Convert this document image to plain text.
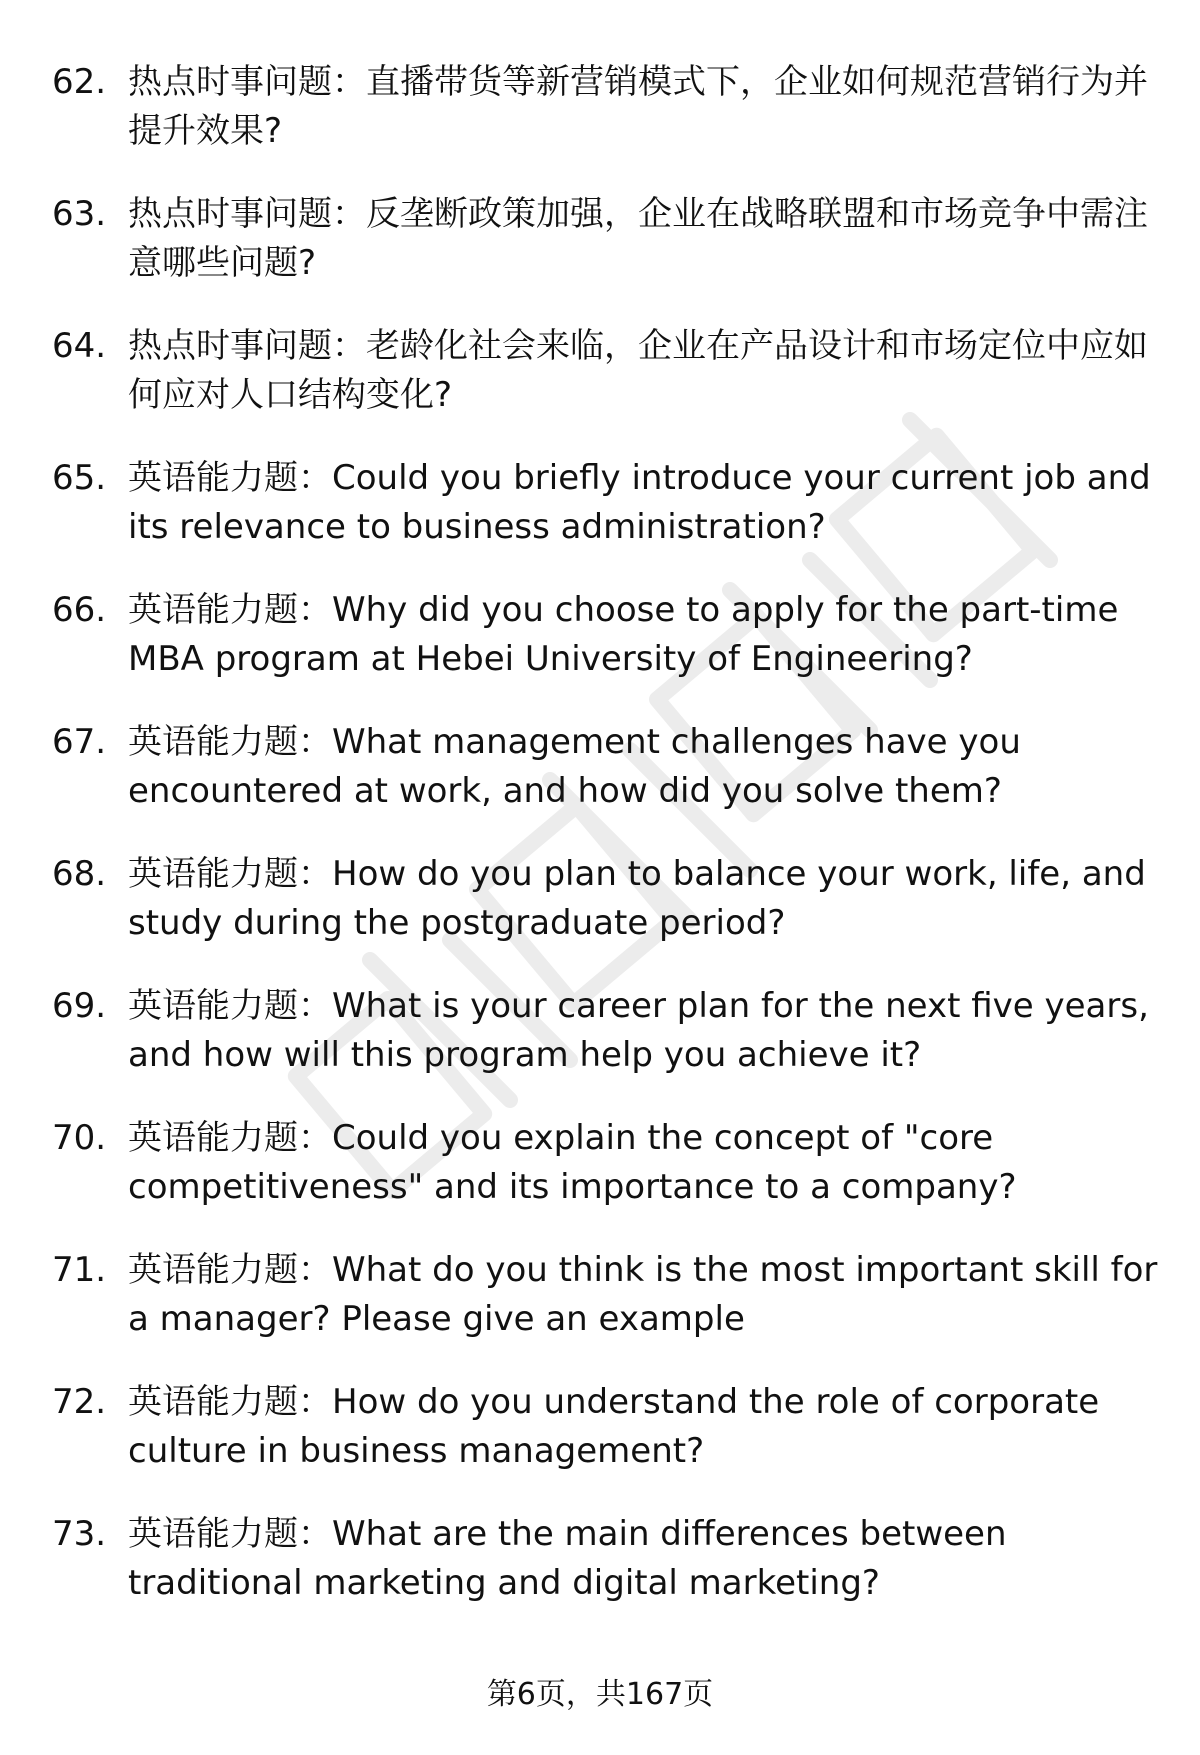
62. 热点时事问题：直播带货等新营销模式下，企业如何规范营销行为并提升效果?
63. 热点时事问题：反垄断政策加强，企业在战略联盟和市场竞争中需注意哪些问题?
64. 热点时事问题：老龄化社会来临，企业在产品设计和市场定位中应如何应对人口结构变化?
65. 英语能力题：Could you briefly introduce your current job and its relevance to business administration?
66. 英语能力题：Why did you choose to apply for the part-time MBA program at Hebei University of Engineering?
67. 英语能力题：What management challenges have you encountered at work, and how did you solve them?
68. 英语能力题：How do you plan to balance your work, life, and study during the postgraduate period?
69. 英语能力题：What is your career plan for the next five years, and how will this program help you achieve it?
70. 英语能力题：Could you explain the concept of "core competitiveness" and its importance to a company?
71. 英语能力题：What do you think is the most important skill for a manager? Please give an example
72. 英语能力题：How do you understand the role of corporate culture in business management?
73. 英语能力题：What are the main differences between traditional marketing and digital marketing?
第6页，共167页
